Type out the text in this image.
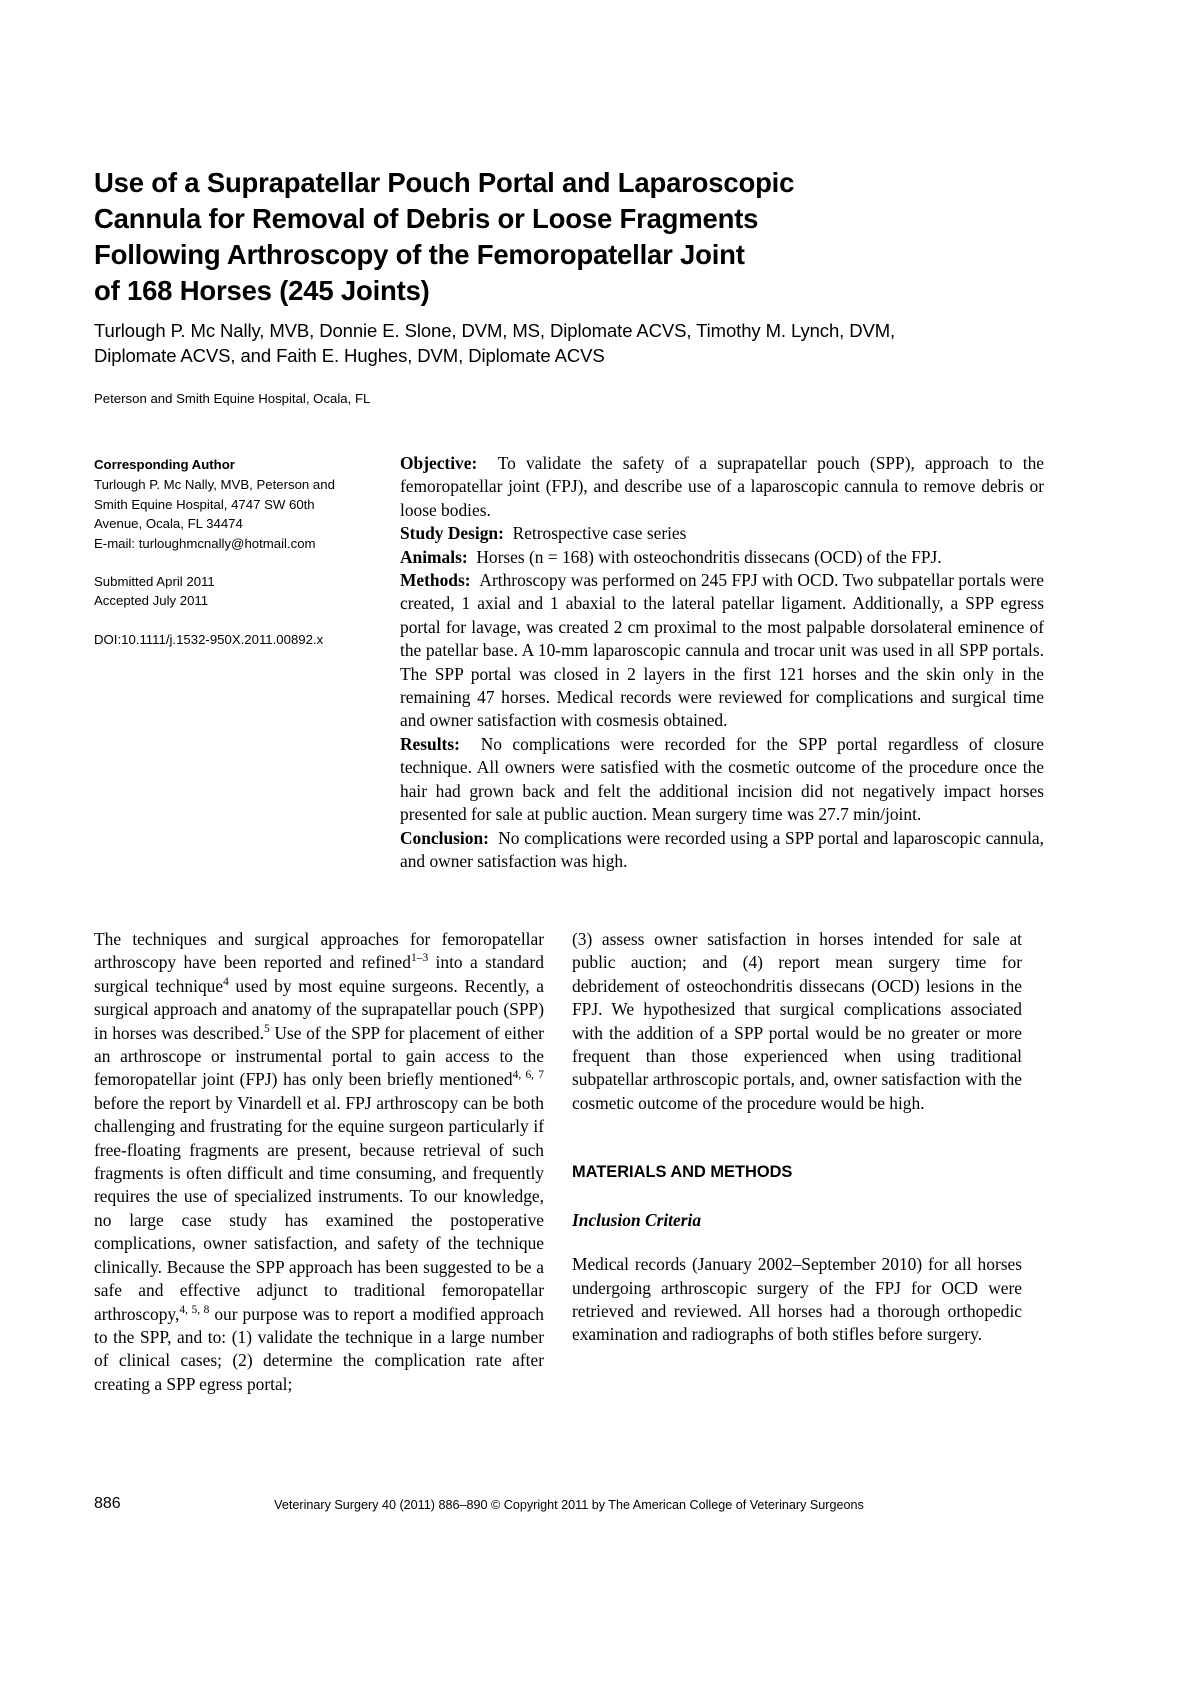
Use of a Suprapatellar Pouch Portal and Laparoscopic
Cannula for Removal of Debris or Loose Fragments
Following Arthroscopy of the Femoropatellar Joint
of 168 Horses (245 Joints)
Turlough P. Mc Nally, MVB, Donnie E. Slone, DVM, MS, Diplomate ACVS, Timothy M. Lynch, DVM,
Diplomate ACVS, and Faith E. Hughes, DVM, Diplomate ACVS
Peterson and Smith Equine Hospital, Ocala, FL
Corresponding Author
Turlough P. Mc Nally, MVB, Peterson and
Smith Equine Hospital, 4747 SW 60th
Avenue, Ocala, FL 34474
E-mail: turloughmcnally@hotmail.com
Submitted April 2011
Accepted July 2011
DOI:10.1111/j.1532-950X.2011.00892.x

Objective: To validate the safety of a suprapatellar pouch (SPP), approach to the femoropatellar joint (FPJ), and describe use of a laparoscopic cannula to remove debris or loose bodies.

Study Design: Retrospective case series

Animals: Horses (n = 168) with osteochondritis dissecans (OCD) of the FPJ.

Methods: Arthroscopy was performed on 245 FPJ with OCD. Two subpatellar portals were created, 1 axial and 1 abaxial to the lateral patellar ligament. Additionally, a SPP egress portal for lavage, was created 2 cm proximal to the most palpable dorsolateral eminence of the patellar base. A 10-mm laparoscopic cannula and trocar unit was used in all SPP portals. The SPP portal was closed in 2 layers in the first 121 horses and the skin only in the remaining 47 horses. Medical records were reviewed for complications and surgical time and owner satisfaction with cosmesis obtained.

Results: No complications were recorded for the SPP portal regardless of closure technique. All owners were satisfied with the cosmetic outcome of the procedure once the hair had grown back and felt the additional incision did not negatively impact horses presented for sale at public auction. Mean surgery time was 27.7 min/joint.

Conclusion: No complications were recorded using a SPP portal and laparoscopic cannula, and owner satisfaction was high.

The techniques and surgical approaches for femoropatellar arthroscopy have been reported and refined$^{1-3}$ into a standard surgical technique$^4$ used by most equine surgeons. Recently, a surgical approach and anatomy of the suprapatellar pouch (SPP) in horses was described.$^5$ Use of the SPP for placement of either an arthroscope or instrumental portal to gain access to the femoropatellar joint (FPJ) has only been briefly mentioned$^{4, 6, 7}$ before the report by Vinardell et al. FPJ arthroscopy can be both challenging and frustrating for the equine surgeon particularly if free-floating fragments are present, because retrieval of such fragments is often difficult and time consuming, and frequently requires the use of specialized instruments. To our knowledge, no large case study has examined the postoperative complications, owner satisfaction, and safety of the technique clinically. Because the SPP approach has been suggested to be a safe and effective adjunct to traditional femoropatellar arthroscopy,$^{4, 5, 8}$ our purpose was to report a modified approach to the SPP, and to: (1) validate the technique in a large number of clinical cases; (2) determine the complication rate after creating a SPP egress portal;

(3) assess owner satisfaction in horses intended for sale at public auction; and (4) report mean surgery time for debridement of osteochondritis dissecans (OCD) lesions in the FPJ. We hypothesized that surgical complications associated with the addition of a SPP portal would be no greater or more frequent than those experienced when using traditional subpatellar arthroscopic portals, and, owner satisfaction with the cosmetic outcome of the procedure would be high.

MATERIALS AND METHODS
Inclusion Criteria

Medical records (January 2002–September 2010) for all horses undergoing arthroscopic surgery of the FPJ for OCD were retrieved and reviewed. All horses had a thorough orthopedic examination and radiographs of both stifles before surgery.

886	Veterinary Surgery 40 (2011) 886–890 © Copyright 2011 by The American College of Veterinary Surgeons
